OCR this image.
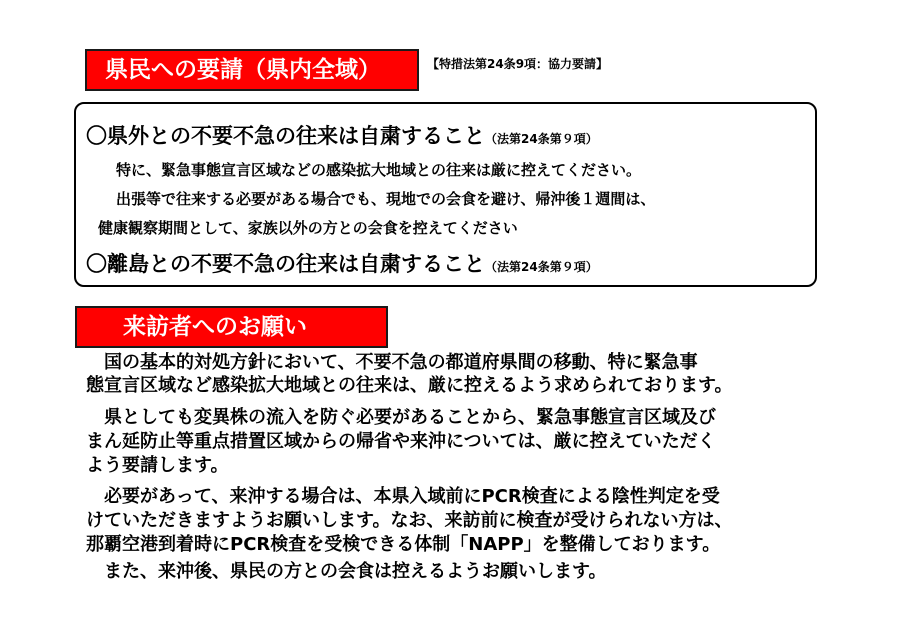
県民への要請（県内全域）	【特措法第24条9項：協力要請】
〇県外との不要不急の往来は自粛すること（法第24条第９項）
特に、緊急事態宣言区域などの感染拡大地域との往来は厳に控えてください。
出張等で往来する必要がある場合でも、現地での会食を避け、帰沖後１週間は、
健康観察期間として、家族以外の方との会食を控えてください
〇離島との不要不急の往来は自粛すること（法第24条第９項）
来訪者へのお願い
　国の基本的対処方針において、不要不急の都道府県間の移動、特に緊急事
態宣言区域など感染拡大地域との往来は、厳に控えるよう求められております。
　県としても変異株の流入を防ぐ必要があることから、緊急事態宣言区域及び
まん延防止等重点措置区域からの帰省や来沖については、厳に控えていただく
よう要請します。
　必要があって、来沖する場合は、本県入域前にPCR検査による陰性判定を受
けていただきますようお願いします。なお、来訪前に検査が受けられない方は、
那覇空港到着時にPCR検査を受検できる体制「NAPP」を整備しております。
　また、来沖後、県民の方との会食は控えるようお願いします。
